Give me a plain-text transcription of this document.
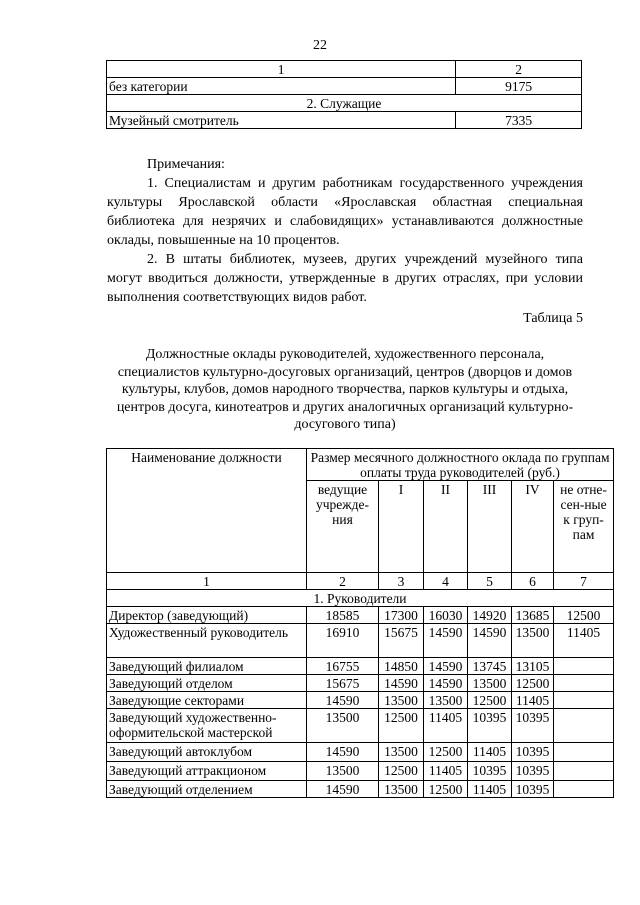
22
1	2
без категории	9175
2. Служащие	
Музейный смотритель	7335

Примечания:

1. Специалистам и другим работникам государственного учреждения культуры Ярославской области «Ярославская областная специальная библиотека для незрячих и слабовидящих» устанавливаются должностные оклады, повышенные на 10 процентов.

2. В штаты библиотек, музеев, других учреждений музейного типа могут вводиться должности, утвержденные в других отраслях, при условии выполнения соответствующих видов работ.

Таблица 5
Должностные оклады руководителей, художественного персонала, специалистов культурно-досуговых организаций, центров (дворцов и домов культуры, клубов, домов народного творчества, парков культуры и отдыха, центров досуга, кинотеатров и других аналогичных организаций культурно-досугового типа)
Наименование должности	Размер месячного должностного оклада по группам оплаты труда руководителей (руб.)					
	ведущие учрежде-ния	I	II	III	IV	не отне-сен-ные к груп-пам
1	2	3	4	5	6	7
1. Руководители						
Директор (заведующий)	18585	17300	16030	14920	13685	12500
Художественный руководитель	16910	15675	14590	14590	13500	11405
Заведующий филиалом	16755	14850	14590	13745	13105	
Заведующий отделом	15675	14590	14590	13500	12500	
Заведующие секторами	14590	13500	13500	12500	11405	
Заведующий художественно-оформительской мастерской	13500	12500	11405	10395	10395	
Заведующий автоклубом	14590	13500	12500	11405	10395	
Заведующий аттракционом	13500	12500	11405	10395	10395	
Заведующий отделением	14590	13500	12500	11405	10395	
